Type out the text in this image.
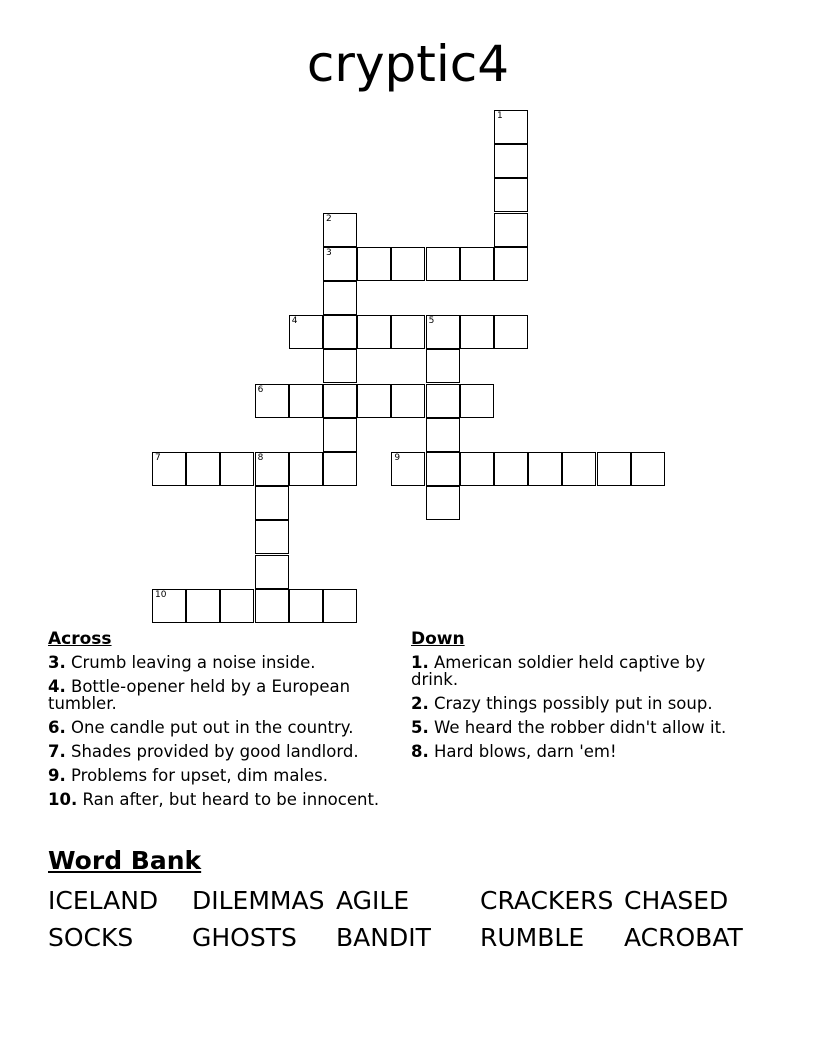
cryptic4
1
2
3
4	5
6
7	8	9
10
Across
3. Crumb leaving a noise inside.
4. Bottle-opener held by a European tumbler.
6. One candle put out in the country.
7. Shades provided by good landlord.
9. Problems for upset, dim males.
10. Ran after, but heard to be innocent.
Down
1. American soldier held captive by drink.
2. Crazy things possibly put in soup.
5. We heard the robber didn't allow it.
8. Hard blows, darn 'em!
Word Bank
ICELAND	DILEMMAS AGILE	CRACKERS CHASED
SOCKS	GHOSTS	BANDIT	RUMBLE	ACROBAT
